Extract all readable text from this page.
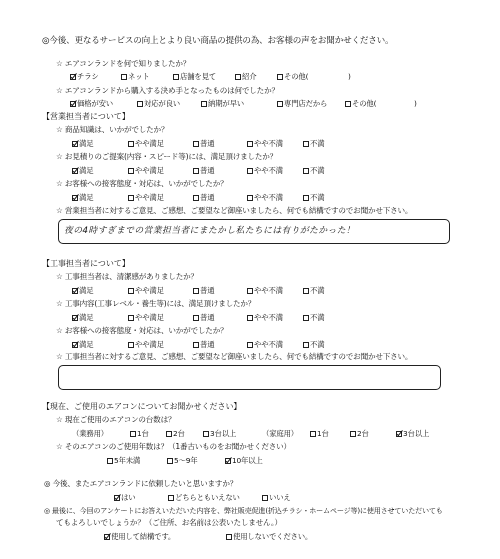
◎今後、更なるサービスの向上とより良い商品の提供の為、お客様の声をお聞かせください。
☆ エアコンランドを何で知りましたか？
チラシ	ネット	店舗を見て	紹介	その他(	)
☆ エアコンランドから購入する決め手となったものは何でしたか？
価格が安い	対応が良い	納期が早い	専門店だから	その他(	)
【営業担当者について】
☆ 商品知識は、いかがでしたか？
満足	やや満足	普通	やや不満	不満
☆ お見積りのご提案(内容・スピード等)には、満足頂けましたか？
満足	やや満足	普通	やや不満	不満
☆ お客様への接客態度・対応は、いかがでしたか？
満足	やや満足	普通	やや不満	不満
☆ 営業担当者に対するご意見、ご感想、ご要望など御座いましたら、何でも結構ですのでお聞かせ下さい。
夜の4時すぎまでの営業担当者にまたかし私たちには有りがたかった！
【工事担当者について】
☆ 工事担当者は、清潔感がありましたか？
満足	やや満足	普通	やや不満	不満
☆ 工事内容(工事レベル・養生等)には、満足頂けましたか？
満足	やや満足	普通	やや不満	不満
☆ お客様への接客態度・対応は、いかがでしたか？
満足	やや満足	普通	やや不満	不満
☆ 工事担当者に対するご意見、ご感想、ご要望など御座いましたら、何でも結構ですのでお聞かせ下さい。
【現在、ご使用のエアコンについてお聞かせください】
☆ 現在ご使用のエアコンの台数は？
（業務用）	1台	2台	3台以上	（家庭用）	1台	2台	3台以上
☆ そのエアコンのご使用年数は？（1番古いものをお聞かせください）
5年未満	5～9年	10年以上
◎ 今後、またエアコンランドに依頼したいと思いますか？
はい	どちらともいえない	いいえ
◎ 最後に、今回のアンケートにお答えいただいた内容を、弊社販売促進(折込チラシ・ホームページ等)に使用させていただいても
てもよろしいでしょうか？（ご住所、お名前は公表いたしません。）
使用して結構です。	使用しないでください。
